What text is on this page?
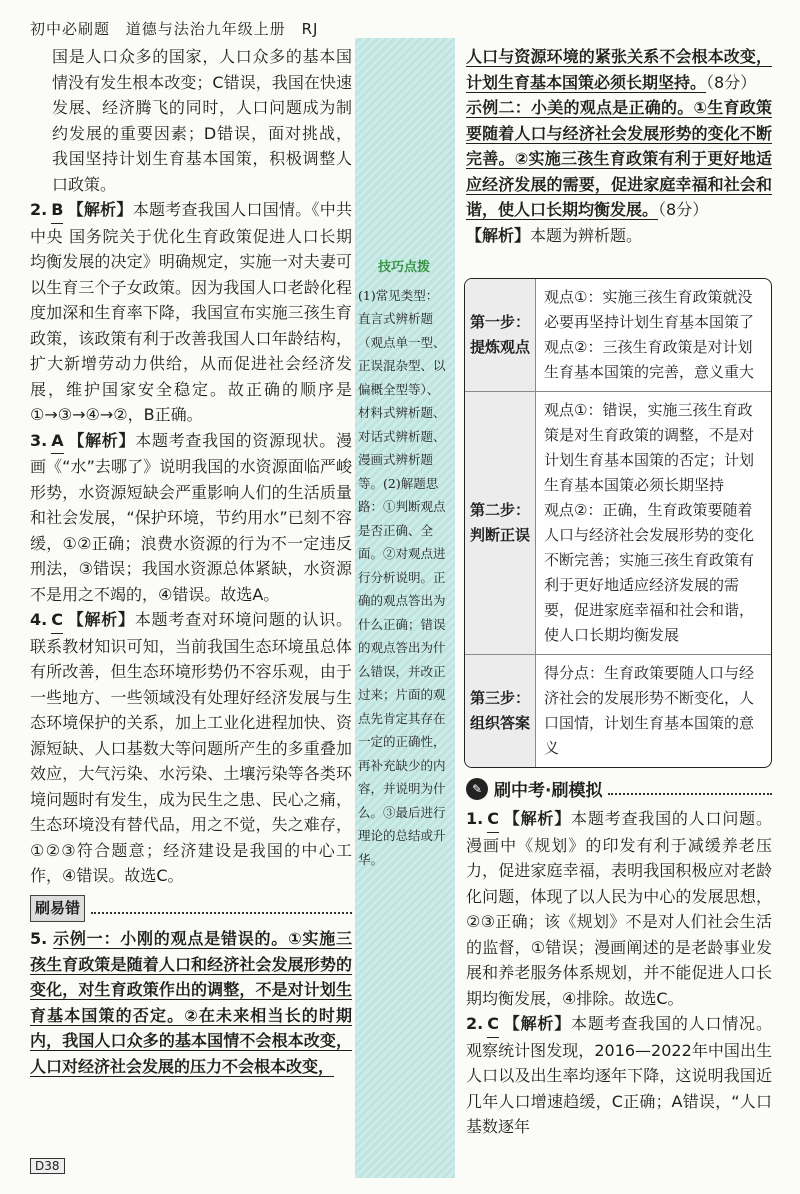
初中必刷题 道德与法治九年级上册 RJ

国是人口众多的国家，人口众多的基本国情没有发生根本改变；C错误，我国在快速发展、经济腾飞的同时，人口问题成为制约发展的重要因素；D错误，面对挑战，我国坚持计划生育基本国策，积极调整人口政策。

2. B 【解析】本题考查我国人口国情。《中共中央 国务院关于优化生育政策促进人口长期均衡发展的决定》明确规定，实施一对夫妻可以生育三个子女政策。因为我国人口老龄化程度加深和生育率下降，我国宣布实施三孩生育政策，该政策有利于改善我国人口年龄结构，扩大新增劳动力供给，从而促进社会经济发展，维护国家安全稳定。故正确的顺序是①→③→④→②，B正确。

3. A 【解析】本题考查我国的资源现状。漫画《“水”去哪了》说明我国的水资源面临严峻形势，水资源短缺会严重影响人们的生活质量和社会发展，“保护环境，节约用水”已刻不容缓，①②正确；浪费水资源的行为不一定违反刑法，③错误；我国水资源总体紧缺，水资源不是用之不竭的，④错误。故选A。

4. C 【解析】本题考查对环境问题的认识。联系教材知识可知，当前我国生态环境虽总体有所改善，但生态环境形势仍不容乐观，由于一些地方、一些领域没有处理好经济发展与生态环境保护的关系，加上工业化进程加快、资源短缺、人口基数大等问题所产生的多重叠加效应，大气污染、水污染、土壤污染等各类环境问题时有发生，成为民生之患、民心之痛，生态环境没有替代品，用之不觉，失之难存，①②③符合题意；经济建设是我国的中心工作，④错误。故选C。

刷易错

5. 示例一：小刚的观点是错误的。①实施三孩生育政策是随着人口和经济社会发展形势的变化，对生育政策作出的调整，不是对计划生育基本国策的否定。②在未来相当长的时期内，我国人口众多的基本国情不会根本改变，人口对经济社会发展的压力不会根本改变，

技巧点拨
(1)常见类型：直言式辨析题（观点单一型、正误混杂型、以偏概全型等）、材料式辨析题、对话式辨析题、漫画式辨析题等。(2)解题思路：①判断观点是否正确、全面。②对观点进行分析说明。正确的观点答出为什么正确；错误的观点答出为什么错误，并改正过来；片面的观点先肯定其存在一定的正确性，再补充缺少的内容，并说明为什么。③最后进行理论的总结或升华。

人口与资源环境的紧张关系不会根本改变，计划生育基本国策必须长期坚持。（8分）

示例二：小美的观点是正确的。①生育政策要随着人口与经济社会发展形势的变化不断完善。②实施三孩生育政策有利于更好地适应经济发展的需要，促进家庭幸福和社会和谐，使人口长期均衡发展。（8分）

【解析】本题为辨析题。

第一步：提炼观点
观点①：实施三孩生育政策就没必要再坚持计划生育基本国策了
观点②：三孩生育政策是对计划生育基本国策的完善，意义重大
第二步：判断正误
观点①：错误，实施三孩生育政策是对生育政策的调整，不是对计划生育基本国策的否定；计划生育基本国策必须长期坚持
观点②：正确，生育政策要随着人口与经济社会发展形势的变化不断完善；实施三孩生育政策有利于更好地适应经济发展的需要，促进家庭幸福和社会和谐，使人口长期均衡发展
第三步：组织答案
得分点：生育政策要随人口与经济社会的发展形势不断变化，人口国情，计划生育基本国策的意义
✎ 刷中考·刷模拟

1. C 【解析】本题考查我国的人口问题。漫画中《规划》的印发有利于减缓养老压力，促进家庭幸福，表明我国积极应对老龄化问题，体现了以人民为中心的发展思想，②③正确；该《规划》不是对人们社会生活的监督，①错误；漫画阐述的是老龄事业发展和养老服务体系规划，并不能促进人口长期均衡发展，④排除。故选C。

2. C 【解析】本题考查我国的人口情况。观察统计图发现，2016—2022年中国出生人口以及出生率均逐年下降，这说明我国近几年人口增速趋缓，C正确；A错误，“人口基数逐年

D38
